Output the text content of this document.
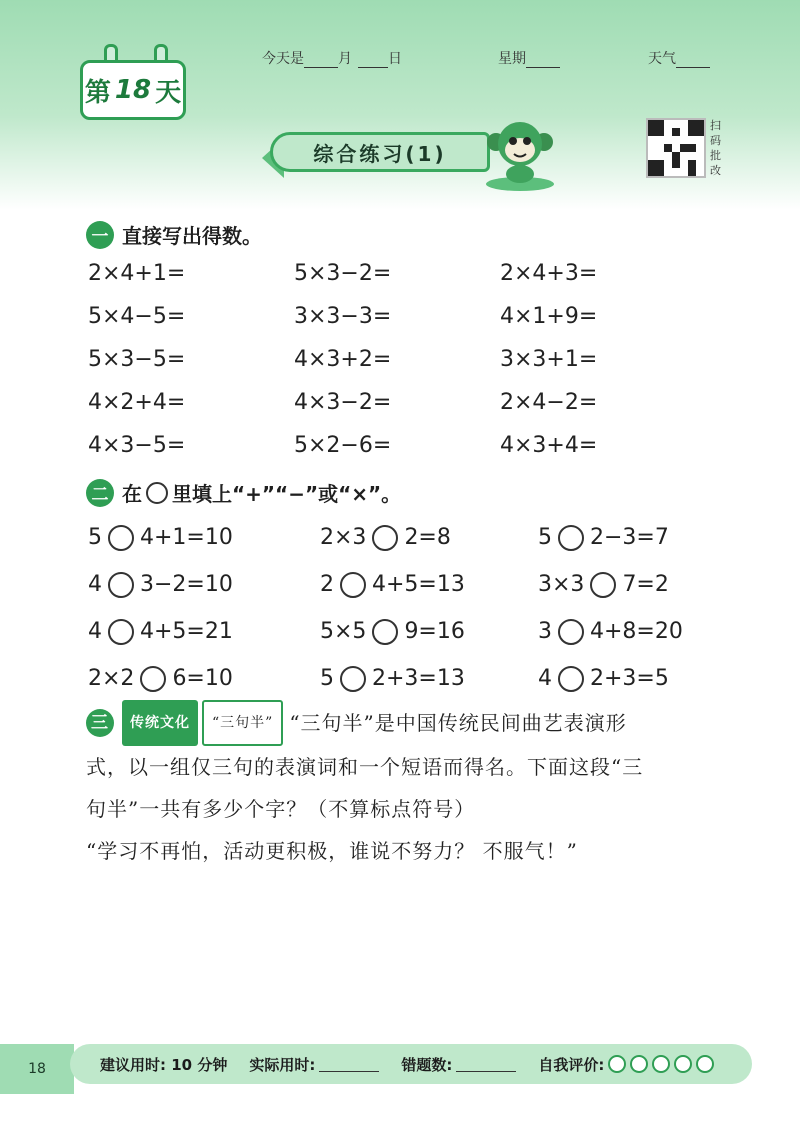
第 18 天
今天是 月	日	星期	天气
综合练习(1)
扫码批改
一 直接写出得数。
2×4+1=	5×3−2=	2×4+3=
5×4−5=	3×3−3=	4×1+9=
5×3−5=	4×3+2=	3×3+1=
4×2+4=	4×3−2=	2×4−2=
4×3−5=	5×2−6=	4×3+4=
二 在 里填上“+”“−”或“×”。
5 4+1=10	2×3 2=8	5 2−3=7
4 3−2=10	2 4+5=13	3×3 7=2
4 4+5=21	5×5 9=16	3 4+8=20
2×2 6=10	5 2+3=13	4 2+3=5
三	传统文化	“三句半” “三句半”是中国传统民间曲艺表演形
式，以一组仅三句的表演词和一个短语而得名。下面这段“三
句半”一共有多少个字？（不算标点符号）
“学习不再怕，活动更积极，谁说不努力？ 不服气！”
18	建议用时: 10 分钟 实际用时:	错题数:	自我评价:
